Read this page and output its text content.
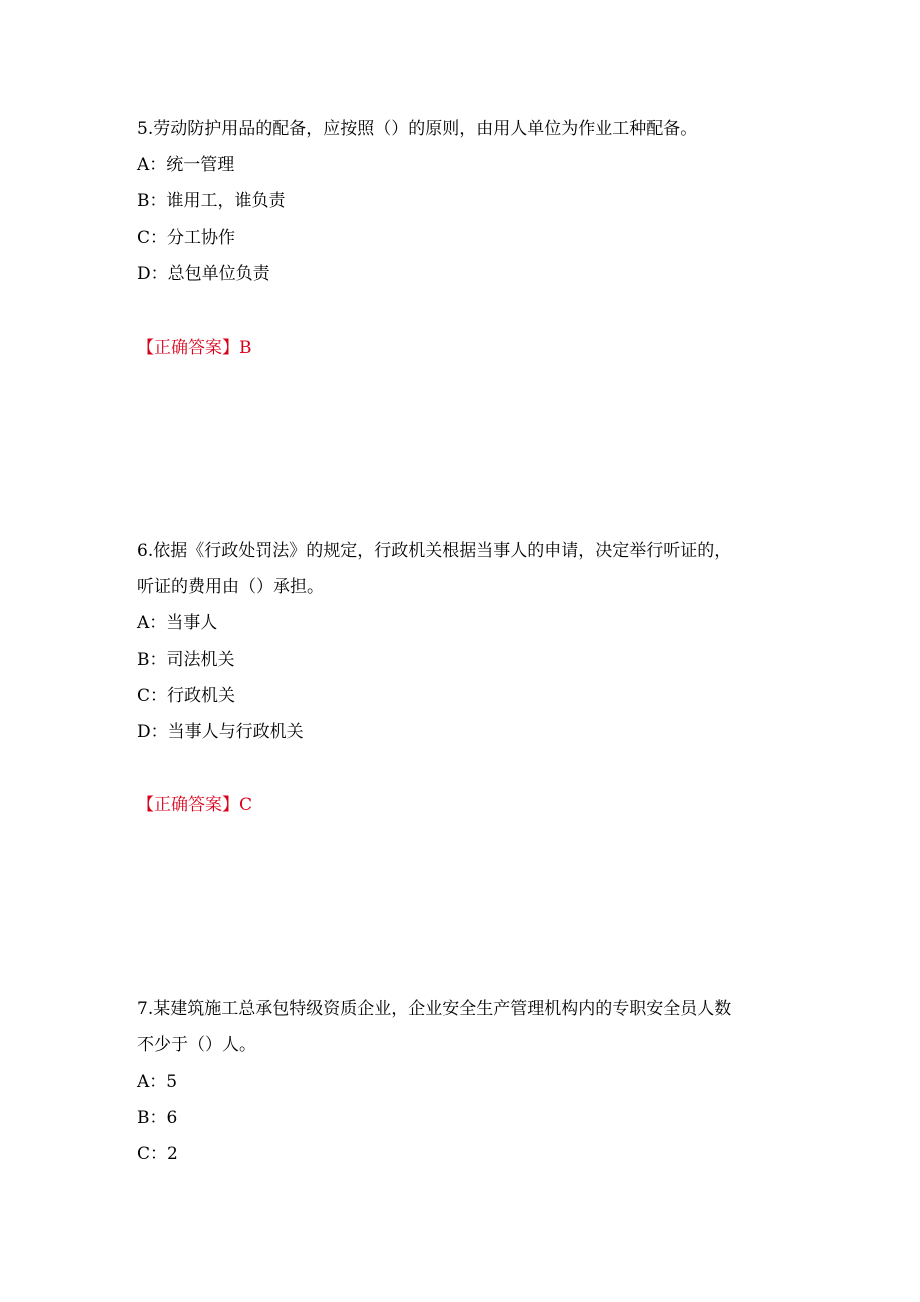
5.劳动防护用品的配备，应按照（）的原则，由用人单位为作业工种配备。
A：统一管理
B：谁用工，谁负责
C：分工协作
D：总包单位负责
【正确答案】B
6.依据《行政处罚法》的规定，行政机关根据当事人的申请，决定举行听证的，
听证的费用由（）承担。
A：当事人
B：司法机关
C：行政机关
D：当事人与行政机关
【正确答案】C
7.某建筑施工总承包特级资质企业，企业安全生产管理机构内的专职安全员人数
不少于（）人。
A：5
B：6
C：2
